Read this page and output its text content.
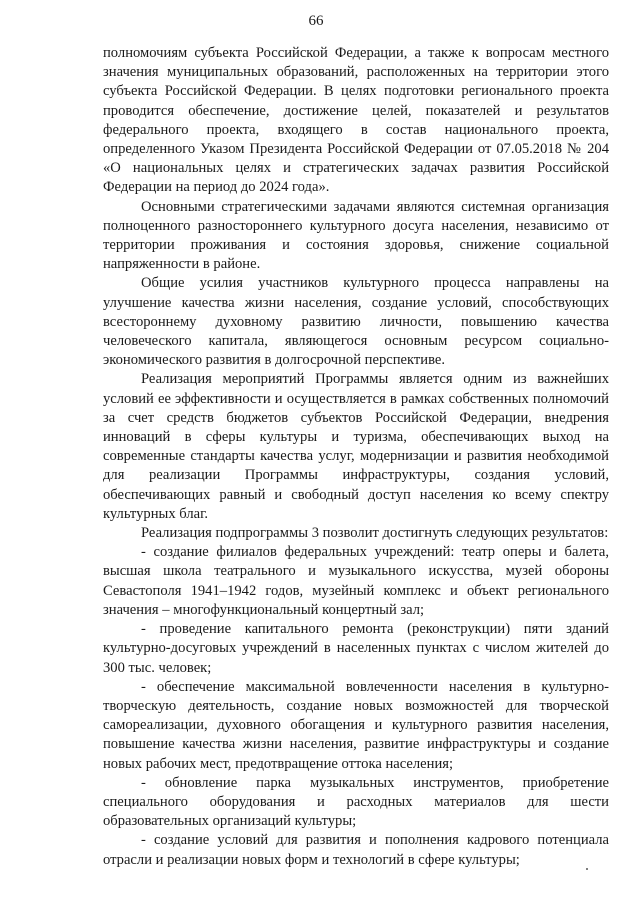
66

полномочиям субъекта Российской Федерации, а также к вопросам местного значения муниципальных образований, расположенных на территории этого субъекта Российской Федерации. В целях подготовки регионального проекта проводится обеспечение, достижение целей, показателей и результатов федерального проекта, входящего в состав национального проекта, определенного Указом Президента Российской Федерации от 07.05.2018 № 204 «О национальных целях и стратегических задачах развития Российской Федерации на период до 2024 года».

Основными стратегическими задачами являются системная организация полноценного разностороннего культурного досуга населения, независимо от территории проживания и состояния здоровья, снижение социальной напряженности в районе.

Общие усилия участников культурного процесса направлены на улучшение качества жизни населения, создание условий, способствующих всестороннему духовному развитию личности, повышению качества человеческого капитала, являющегося основным ресурсом социально-экономического развития в долгосрочной перспективе.

Реализация мероприятий Программы является одним из важнейших условий ее эффективности и осуществляется в рамках собственных полномочий за счет средств бюджетов субъектов Российской Федерации, внедрения инноваций в сферы культуры и туризма, обеспечивающих выход на современные стандарты качества услуг, модернизации и развития необходимой для реализации Программы инфраструктуры, создания условий, обеспечивающих равный и свободный доступ населения ко всему спектру культурных благ.

Реализация подпрограммы 3 позволит достигнуть следующих результатов:

- создание филиалов федеральных учреждений: театр оперы и балета, высшая школа театрального и музыкального искусства, музей обороны Севастополя 1941–1942 годов, музейный комплекс и объект регионального значения – многофункциональный концертный зал;

- проведение капитального ремонта (реконструкции) пяти зданий культурно-досуговых учреждений в населенных пунктах с числом жителей до 300 тыс. человек;

- обеспечение максимальной вовлеченности населения в культурно-творческую деятельность, создание новых возможностей для творческой самореализации, духовного обогащения и культурного развития населения, повышение качества жизни населения, развитие инфраструктуры и создание новых рабочих мест, предотвращение оттока населения;

- обновление парка музыкальных инструментов, приобретение специального оборудования и расходных материалов для шести образовательных организаций культуры;

- создание условий для развития и пополнения кадрового потенциала отрасли и реализации новых форм и технологий в сфере культуры;
